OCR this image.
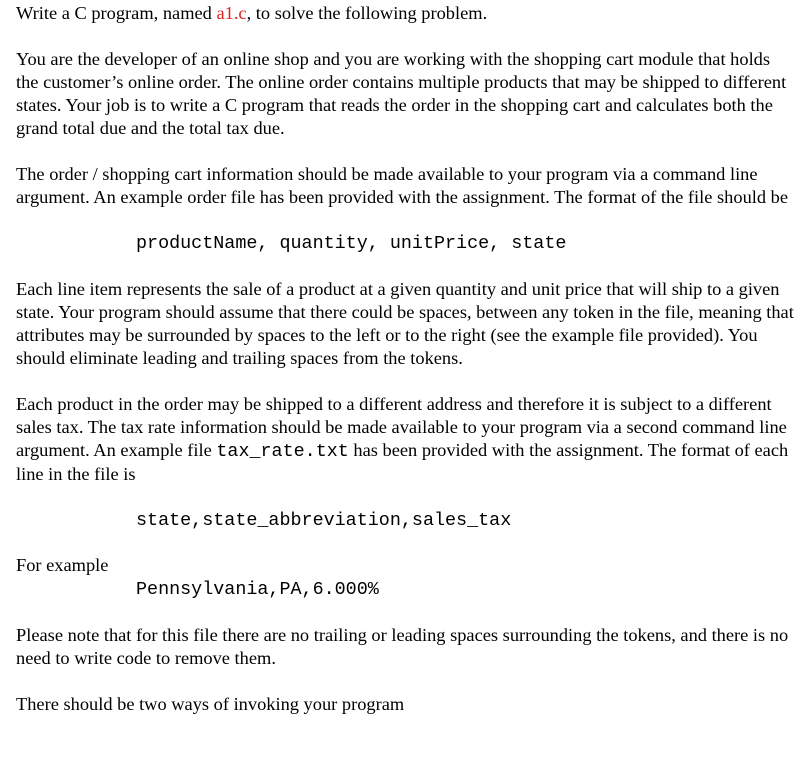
Write a C program, named a1.c, to solve the following problem.

You are the developer of an online shop and you are working with the shopping cart module that holds the customer’s online order. The online order contains multiple products that may be shipped to different states. Your job is to write a C program that reads the order in the shopping cart and calculates both the grand total due and the total tax due.

The order / shopping cart information should be made available to your program via a command line argument. An example order file has been provided with the assignment. The format of the file should be

productName, quantity, unitPrice, state

Each line item represents the sale of a product at a given quantity and unit price that will ship to a given state. Your program should assume that there could be spaces, between any token in the file, meaning that attributes may be surrounded by spaces to the left or to the right (see the example file provided). You should eliminate leading and trailing spaces from the tokens.

Each product in the order may be shipped to a different address and therefore it is subject to a different sales tax. The tax rate information should be made available to your program via a second command line argument. An example file tax_rate.txt has been provided with the assignment. The format of each line in the file is

state,state_abbreviation,sales_tax

For example

Pennsylvania,PA,6.000%

Please note that for this file there are no trailing or leading spaces surrounding the tokens, and there is no need to write code to remove them.

There should be two ways of invoking your program
